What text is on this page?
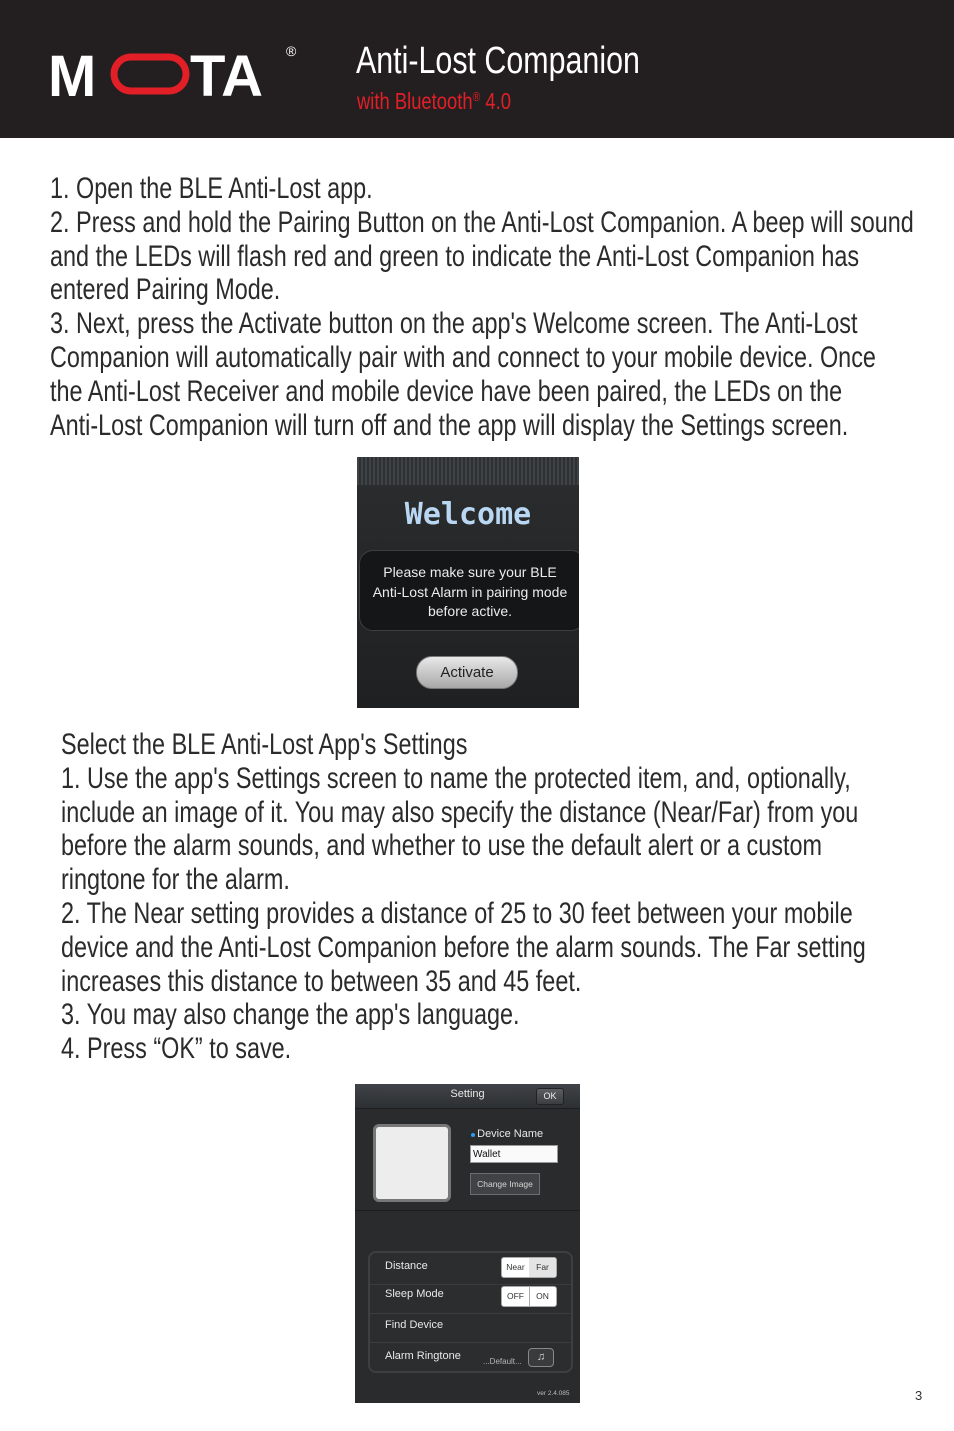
M TA ® Anti-Lost Companion
with Bluetooth® 4.0
1. Open the BLE Anti-Lost app.
2. Press and hold the Pairing Button on the Anti-Lost Companion. A beep will sound
and the LEDs will flash red and green to indicate the Anti-Lost Companion has
entered Pairing Mode.
3. Next, press the Activate button on the app's Welcome screen. The Anti-Lost
Companion will automatically pair with and connect to your mobile device. Once
the Anti-Lost Receiver and mobile device have been paired, the LEDs on the
Anti-Lost Companion will turn off and the app will display the Settings screen.
Welcome
Please make sure your BLE
Anti-Lost Alarm in pairing mode
before active.
Activate
Select the BLE Anti-Lost App's Settings
1. Use the app's Settings screen to name the protected item, and, optionally,
include an image of it. You may also specify the distance (Near/Far) from you
before the alarm sounds, and whether to use the default alert or a custom
ringtone for the alarm.
2. The Near setting provides a distance of 25 to 30 feet between your mobile
device and the Anti-Lost Companion before the alarm sounds. The Far setting
increases this distance to between 35 and 45 feet.
3. You may also change the app's language.
4. Press “OK” to save.
Setting	OK
Device Name
Wallet
Change Image
Distance	Near	Far
Sleep Mode	OFF	ON
Find Device
Alarm Ringtone	...Default...	♫
ver 2.4.085	3
